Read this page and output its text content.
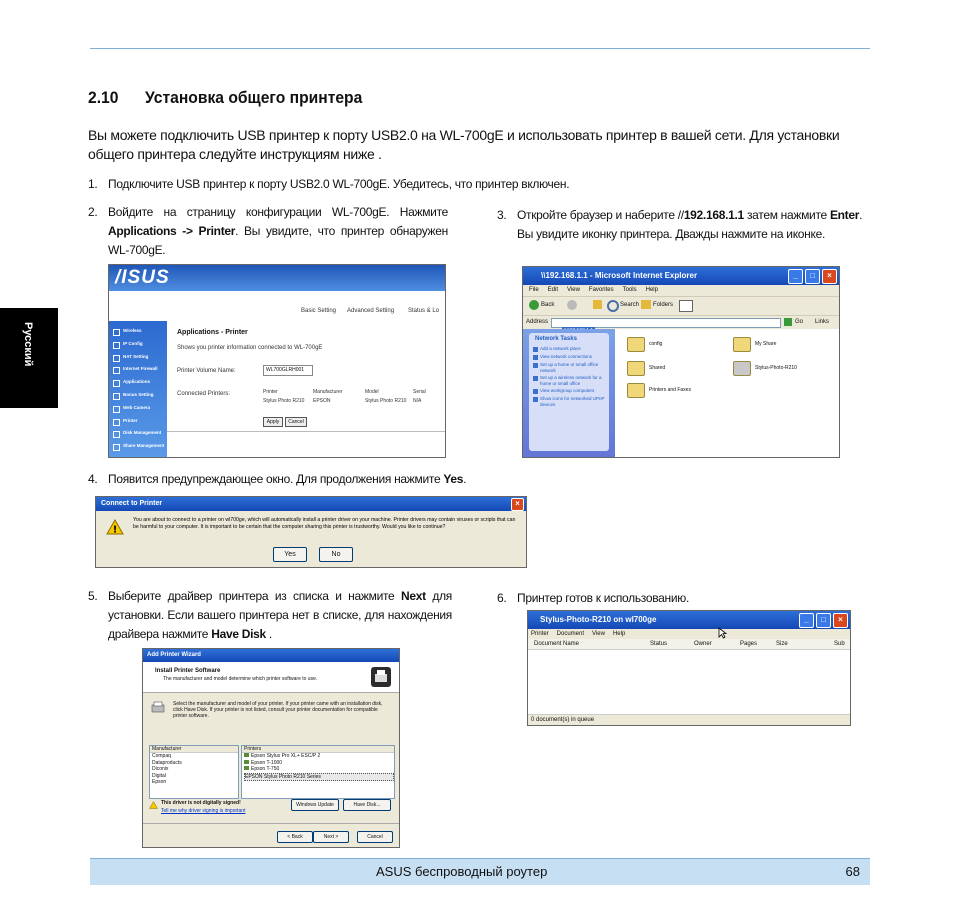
2.10 Установка общего принтера
Вы можете подключить USB принтер к порту USB2.0 на WL-700gE и использовать принтер в вашей сети. Для установки общего принтера следуйте инструкциям ниже .
1. Подключите USB принтер к порту USB2.0 WL-700gE. Убедитесь, что принтер включен.
2. Войдите на страницу конфигурации WL-700gE. Нажмите Applications -> Printer. Вы увидите, что принтер обнаружен WL-700gE.
3. Откройте браузер и наберите //192.168.1.1 затем нажмите Enter. Вы увидите иконку принтера. Дважды нажмите на иконке.
Русский
/ISUS
Basic Setting Advanced Setting Status & Lo
Wireless
IP Config
NAT Setting
Internet Firewall
Applications
Bonus Setting
Web Camera
Printer
Disk Management
Share Management
Applications - Printer
Shows you printer information connected to WL-700gE
Printer Volume Name:	WL700GLRH001
Connected Printers:	Printer	Manufacturer	Model	Serial
Stylus Photo R210	EPSON	Stylus Photo R210	N/A
Apply	Cancel
\\192.168.1.1 - Microsoft Internet Explorer	_	□	×
File Edit View Favorites Tools Help
Back	Search Folders
Address	Go Links
Network Tasks
Add a network place
View network connections
Set up a home or small office network
Set up a wireless network for a home or small office
View workgroup computers
Show icons for networked UPnP devices
config	My Share
Shared	Stylus-Photo-R210
Printers and Faxes
4. Появится предупреждающее окно. Для продолжения нажмите Yes.
Connect to Printer	×
!
You are about to connect to a printer on wl700ge, which will automatically install a printer driver on your machine. Printer drivers may contain viruses or scripts that can be harmful to your computer. It is important to be certain that the computer sharing this printer is trustworthy. Would you like to continue?
Yes	No
5. Выберите драйвер принтера из списка и нажмите Next для установки. Если вашего принтера нет в списке, для нахождения драйвера нажмите Have Disk .
6. Принтер готов к использованию.
Stylus-Photo-R210 on wl700ge	_	□	×
Printer Document View Help
Document Name	Status	Owner	Pages	Size	Sub
0 document(s) in queue
Add Printer Wizard
Install Printer Software
The manufacturer and model determine which printer software to use.
Select the manufacturer and model of your printer. If your printer came with an installation disk, click Have Disk. If your printer is not listed, consult your printer documentation for compatible printer software.
Manufacturer
Compaq
Dataproducts
Diconix
Digital
Epson
Printers
Epson Stylus Pro XL+ ESC/P 2
Epson T-1000
Epson T-750
EPSON Stylus Photo R210 Series
This driver is not digitally signed!
Tell me why driver signing is important
Windows Update	Have Disk...
< Back	Next >	Cancel
ASUS беспроводный роутер	68
